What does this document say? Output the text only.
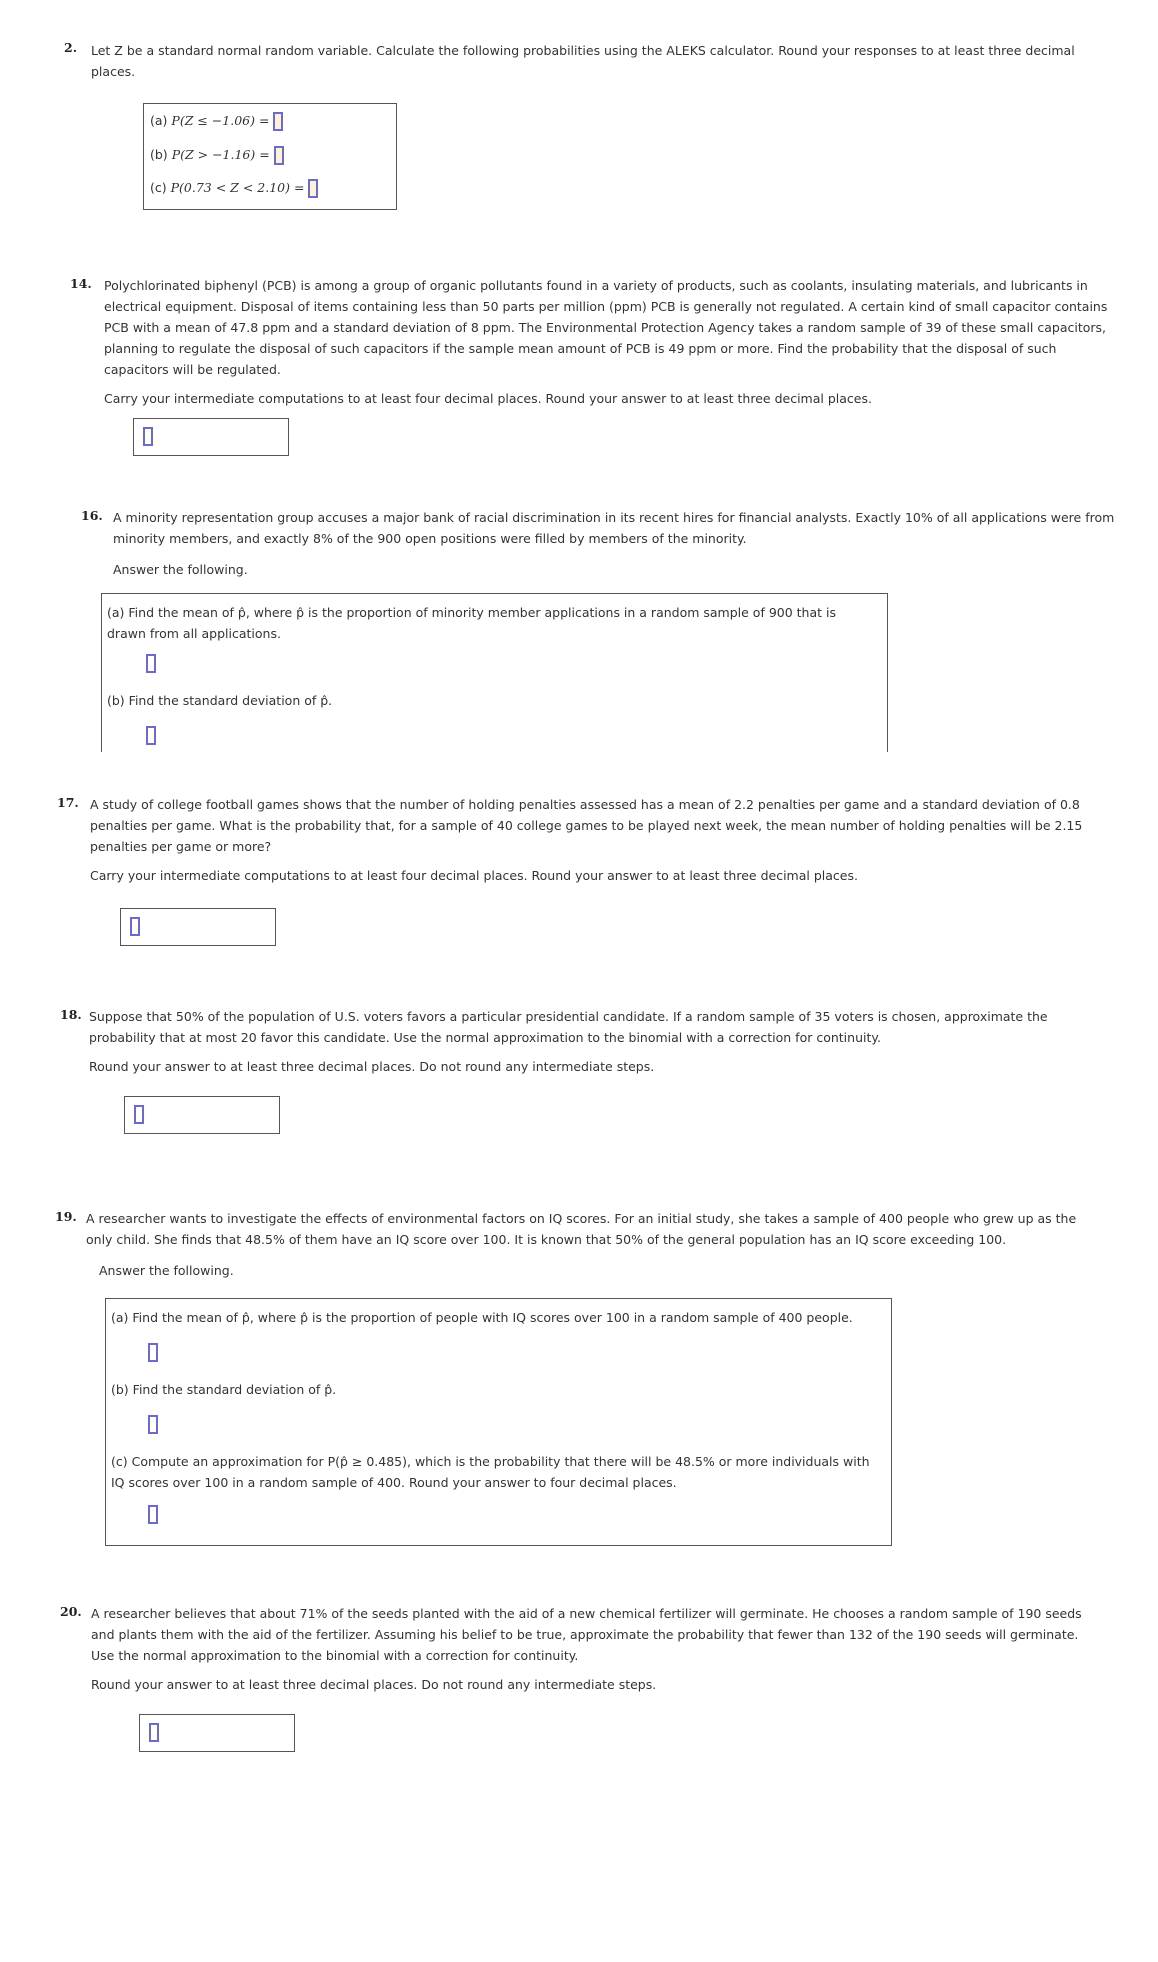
2. Let Z be a standard normal random variable. Calculate the following probabilities using the ALEKS calculator. Round your responses to at least three decimal places.

(a) P(Z ≤ −1.06) =
(b) P(Z > −1.16) =
(c) P(0.73 < Z < 2.10) =
14. Polychlorinated biphenyl (PCB) is among a group of organic pollutants found in a variety of products, such as coolants, insulating materials, and lubricants in electrical equipment. Disposal of items containing less than 50 parts per million (ppm) PCB is generally not regulated. A certain kind of small capacitor contains PCB with a mean of 47.8 ppm and a standard deviation of 8 ppm. The Environmental Protection Agency takes a random sample of 39 of these small capacitors, planning to regulate the disposal of such capacitors if the sample mean amount of PCB is 49 ppm or more. Find the probability that the disposal of such capacitors will be regulated.

Carry your intermediate computations to at least four decimal places. Round your answer to at least three decimal places.

16. A minority representation group accuses a major bank of racial discrimination in its recent hires for financial analysts. Exactly 10% of all applications were from minority members, and exactly 8% of the 900 open positions were filled by members of the minority.

Answer the following.

(a) Find the mean of p̂, where p̂ is the proportion of minority member applications in a random sample of 900 that is drawn from all applications.
(b) Find the standard deviation of p̂.
17. A study of college football games shows that the number of holding penalties assessed has a mean of 2.2 penalties per game and a standard deviation of 0.8 penalties per game. What is the probability that, for a sample of 40 college games to be played next week, the mean number of holding penalties will be 2.15 penalties per game or more?

Carry your intermediate computations to at least four decimal places. Round your answer to at least three decimal places.

18. Suppose that 50% of the population of U.S. voters favors a particular presidential candidate. If a random sample of 35 voters is chosen, approximate the probability that at most 20 favor this candidate. Use the normal approximation to the binomial with a correction for continuity.

Round your answer to at least three decimal places. Do not round any intermediate steps.

19. A researcher wants to investigate the effects of environmental factors on IQ scores. For an initial study, she takes a sample of 400 people who grew up as the only child. She finds that 48.5% of them have an IQ score over 100. It is known that 50% of the general population has an IQ score exceeding 100.

Answer the following.

(a) Find the mean of p̂, where p̂ is the proportion of people with IQ scores over 100 in a random sample of 400 people.
(b) Find the standard deviation of p̂.
(c) Compute an approximation for P(p̂ ≥ 0.485), which is the probability that there will be 48.5% or more individuals with IQ scores over 100 in a random sample of 400. Round your answer to four decimal places.
20. A researcher believes that about 71% of the seeds planted with the aid of a new chemical fertilizer will germinate. He chooses a random sample of 190 seeds and plants them with the aid of the fertilizer. Assuming his belief to be true, approximate the probability that fewer than 132 of the 190 seeds will germinate. Use the normal approximation to the binomial with a correction for continuity.

Round your answer to at least three decimal places. Do not round any intermediate steps.
